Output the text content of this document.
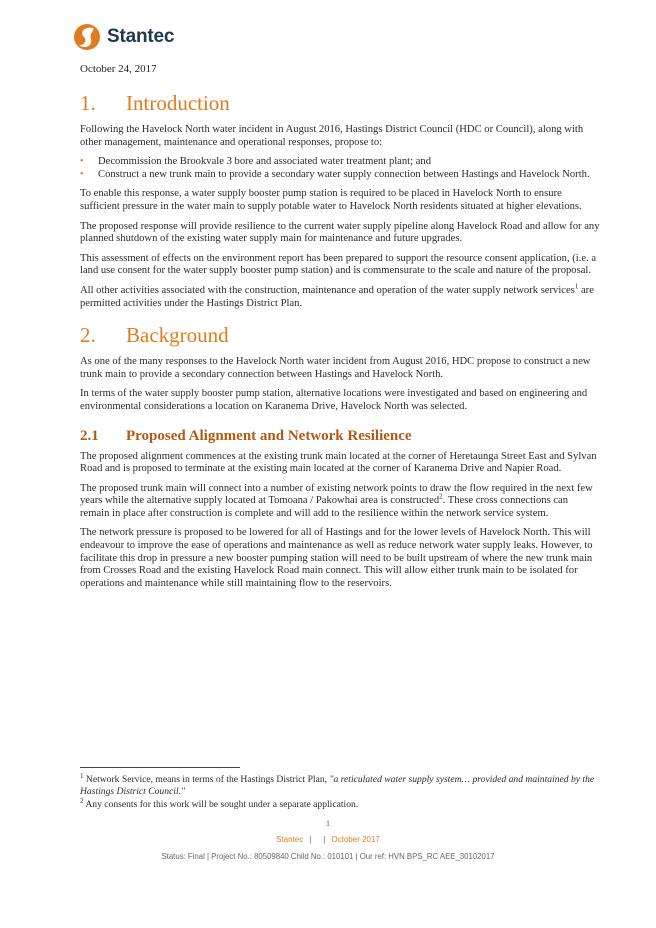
Stantec
October 24, 2017
1. Introduction

Following the Havelock North water incident in August 2016, Hastings District Council (HDC or Council), along with other management, maintenance and operational responses, propose to:

• Decommission the Brookvale 3 bore and associated water treatment plant; and
• Construct a new trunk main to provide a secondary water supply connection between Hastings and Havelock North.

To enable this response, a water supply booster pump station is required to be placed in Havelock North to ensure sufficient pressure in the water main to supply potable water to Havelock North residents situated at higher elevations.

The proposed response will provide resilience to the current water supply pipeline along Havelock Road and allow for any planned shutdown of the existing water supply main for maintenance and future upgrades.

This assessment of effects on the environment report has been prepared to support the resource consent application, (i.e. a land use consent for the water supply booster pump station) and is commensurate to the scale and nature of the proposal.

All other activities associated with the construction, maintenance and operation of the water supply network services$^1$ are permitted activities under the Hastings District Plan.

2. Background

As one of the many responses to the Havelock North water incident from August 2016, HDC propose to construct a new trunk main to provide a secondary connection between Hastings and Havelock North.

In terms of the water supply booster pump station, alternative locations were investigated and based on engineering and environmental considerations a location on Karanema Drive, Havelock North was selected.

2.1 Proposed Alignment and Network Resilience

The proposed alignment commences at the existing trunk main located at the corner of Heretaunga Street East and Sylvan Road and is proposed to terminate at the existing main located at the corner of Karanema Drive and Napier Road.

The proposed trunk main will connect into a number of existing network points to draw the flow required in the next few years while the alternative supply located at Tomoana / Pakowhai area is constructed$^2$. These cross connections can remain in place after construction is complete and will add to the resilience within the network service system.

The network pressure is proposed to be lowered for all of Hastings and for the lower levels of Havelock North. This will endeavour to improve the ease of operations and maintenance as well as reduce network water supply leaks. However, to facilitate this drop in pressure a new booster pumping station will need to be built upstream of where the new trunk main from Crosses Road and the existing Havelock Road main connect. This will allow either trunk main to be isolated for operations and maintenance while still maintaining flow to the reservoirs.

$^1$ Network Service, means in terms of the Hastings District Plan, "a reticulated water supply system… provided and maintained by the Hastings District Council."
$^2$ Any consents for this work will be sought under a separate application.
1
Stantec | | October 2017
Status: Final | Project No.: 80509840 Child No.: 010101 | Our ref: HVN BPS_RC AEE_30102017
